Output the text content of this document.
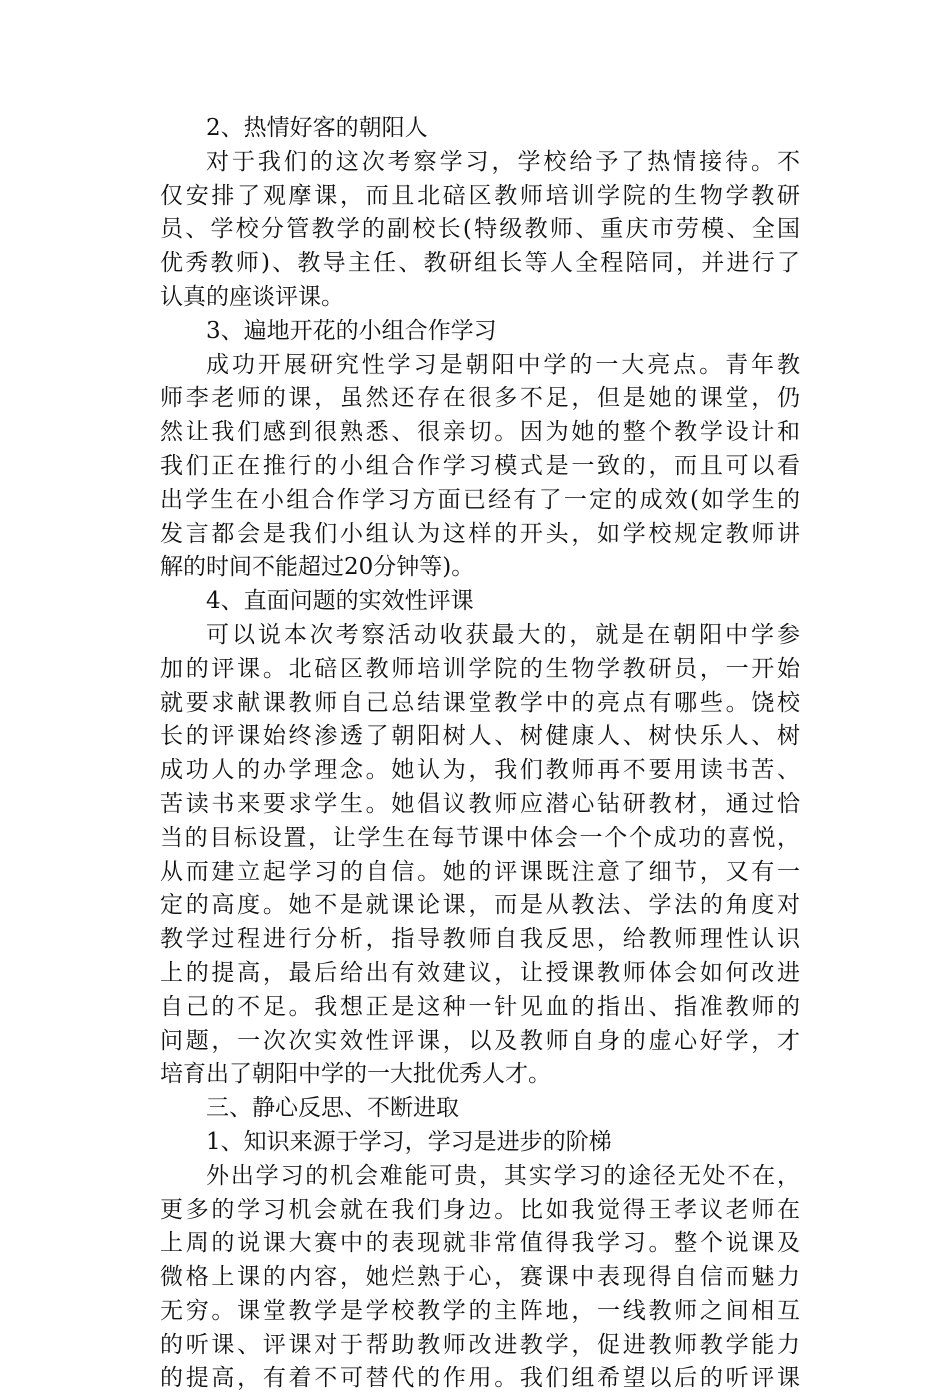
2、热情好客的朝阳人
对于我们的这次考察学习，学校给予了热情接待。不
仅安排了观摩课，而且北碚区教师培训学院的生物学教研
员、学校分管教学的副校长(特级教师、重庆市劳模、全国
优秀教师)、教导主任、教研组长等人全程陪同，并进行了
认真的座谈评课。
3、遍地开花的小组合作学习
成功开展研究性学习是朝阳中学的一大亮点。青年教
师李老师的课，虽然还存在很多不足，但是她的课堂，仍
然让我们感到很熟悉、很亲切。因为她的整个教学设计和
我们正在推行的小组合作学习模式是一致的，而且可以看
出学生在小组合作学习方面已经有了一定的成效(如学生的
发言都会是我们小组认为这样的开头，如学校规定教师讲
解的时间不能超过20分钟等)。
4、直面问题的实效性评课
可以说本次考察活动收获最大的，就是在朝阳中学参
加的评课。北碚区教师培训学院的生物学教研员，一开始
就要求献课教师自己总结课堂教学中的亮点有哪些。饶校
长的评课始终渗透了朝阳树人、树健康人、树快乐人、树
成功人的办学理念。她认为，我们教师再不要用读书苦、
苦读书来要求学生。她倡议教师应潜心钻研教材，通过恰
当的目标设置，让学生在每节课中体会一个个成功的喜悦，
从而建立起学习的自信。她的评课既注意了细节，又有一
定的高度。她不是就课论课，而是从教法、学法的角度对
教学过程进行分析，指导教师自我反思，给教师理性认识
上的提高，最后给出有效建议，让授课教师体会如何改进
自己的不足。我想正是这种一针见血的指出、指准教师的
问题，一次次实效性评课，以及教师自身的虚心好学，才
培育出了朝阳中学的一大批优秀人才。
三、静心反思、不断进取
1、知识来源于学习，学习是进步的阶梯
外出学习的机会难能可贵，其实学习的途径无处不在，
更多的学习机会就在我们身边。比如我觉得王孝议老师在
上周的说课大赛中的表现就非常值得我学习。整个说课及
微格上课的内容，她烂熟于心，赛课中表现得自信而魅力
无穷。课堂教学是学校教学的主阵地，一线教师之间相互
的听课、评课对于帮助教师改进教学，促进教师教学能力
的提高，有着不可替代的作用。我们组希望以后的听评课
